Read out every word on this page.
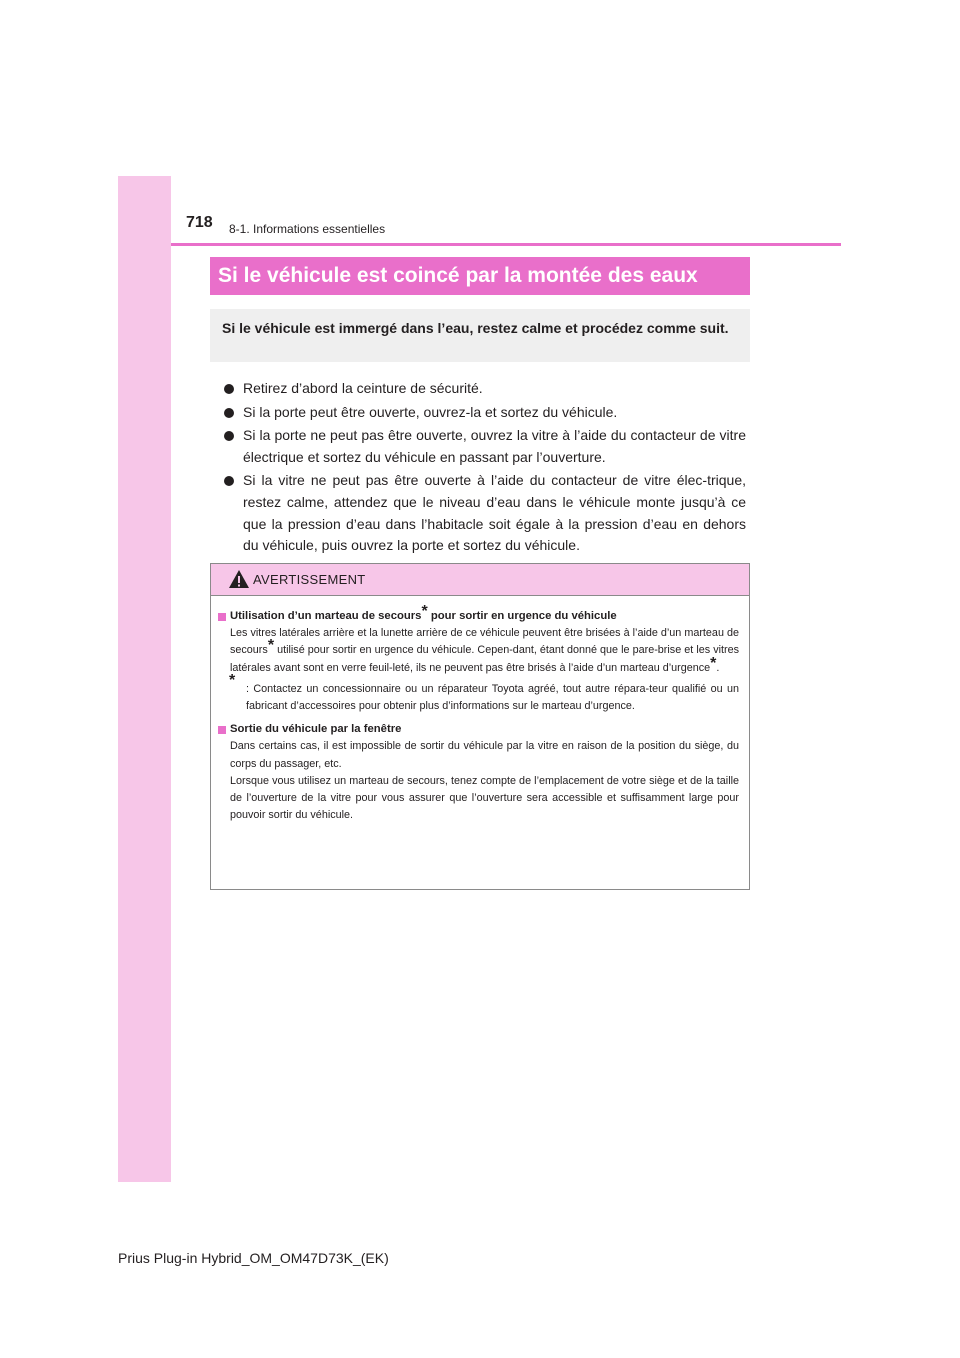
718 8-1. Informations essentielles
Si le véhicule est coincé par la montée des eaux
Si le véhicule est immergé dans l’eau, restez calme et procédez comme suit.
Retirez d’abord la ceinture de sécurité.
Si la porte peut être ouverte, ouvrez-la et sortez du véhicule.
Si la porte ne peut pas être ouverte, ouvrez la vitre à l’aide du contacteur de vitre électrique et sortez du véhicule en passant par l’ouverture.
Si la vitre ne peut pas être ouverte à l’aide du contacteur de vitre élec-trique, restez calme, attendez que le niveau d’eau dans le véhicule monte jusqu’à ce que la pression d’eau dans l’habitacle soit égale à la pression d’eau en dehors du véhicule, puis ouvrez la porte et sortez du véhicule.
AVERTISSEMENT
Utilisation d’un marteau de secours* pour sortir en urgence du véhicule
Les vitres latérales arrière et la lunette arrière de ce véhicule peuvent être brisées à l’aide d’un marteau de secours* utilisé pour sortir en urgence du véhicule. Cepen-dant, étant donné que le pare-brise et les vitres latérales avant sont en verre feuil-leté, ils ne peuvent pas être brisés à l’aide d’un marteau d’urgence*.
* : Contactez un concessionnaire ou un réparateur Toyota agréé, tout autre répara-teur qualifié ou un fabricant d’accessoires pour obtenir plus d’informations sur le marteau d’urgence.
Sortie du véhicule par la fenêtre
Dans certains cas, il est impossible de sortir du véhicule par la vitre en raison de la position du siège, du corps du passager, etc.
Lorsque vous utilisez un marteau de secours, tenez compte de l’emplacement de votre siège et de la taille de l’ouverture de la vitre pour vous assurer que l’ouverture sera accessible et suffisamment large pour pouvoir sortir du véhicule.
Prius Plug-in Hybrid_OM_OM47D73K_(EK)
